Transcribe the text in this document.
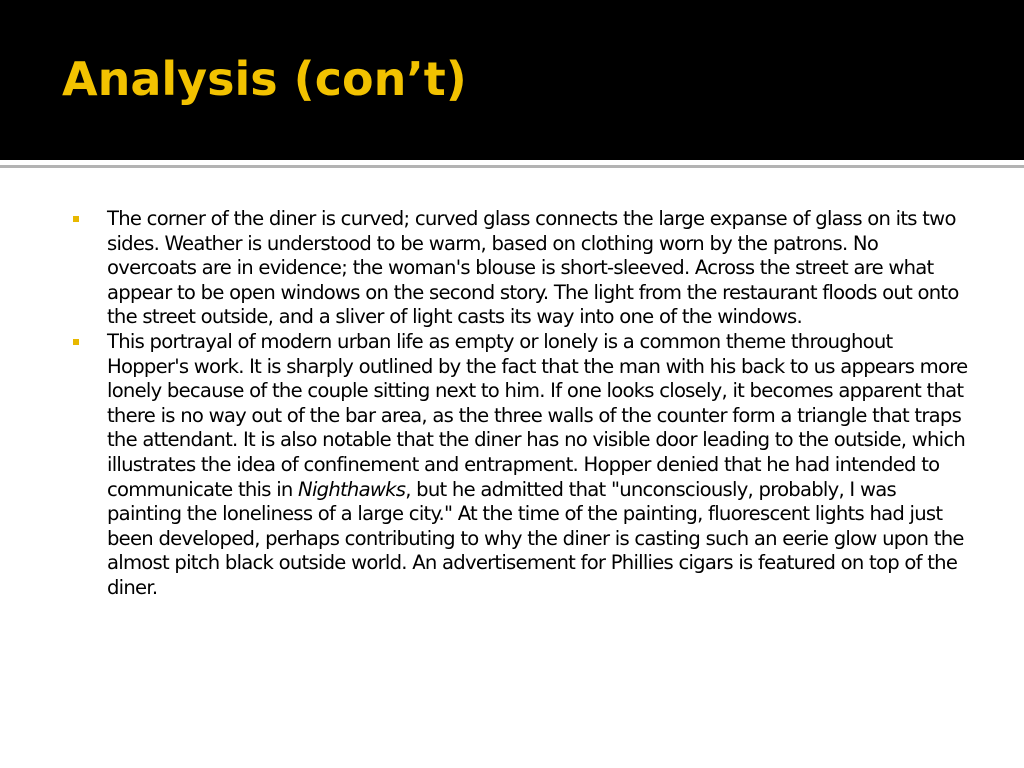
Analysis (con’t)
The corner of the diner is curved; curved glass connects the large expanse of glass on its two sides. Weather is understood to be warm, based on clothing worn by the patrons. No overcoats are in evidence; the woman's blouse is short-sleeved. Across the street are what appear to be open windows on the second story. The light from the restaurant floods out onto the street outside, and a sliver of light casts its way into one of the windows.
This portrayal of modern urban life as empty or lonely is a common theme throughout Hopper's work. It is sharply outlined by the fact that the man with his back to us appears more lonely because of the couple sitting next to him. If one looks closely, it becomes apparent that there is no way out of the bar area, as the three walls of the counter form a triangle that traps the attendant. It is also notable that the diner has no visible door leading to the outside, which illustrates the idea of confinement and entrapment. Hopper denied that he had intended to communicate this in Nighthawks, but he admitted that "unconsciously, probably, I was painting the loneliness of a large city." At the time of the painting, fluorescent lights had just been developed, perhaps contributing to why the diner is casting such an eerie glow upon the almost pitch black outside world. An advertisement for Phillies cigars is featured on top of the diner.
